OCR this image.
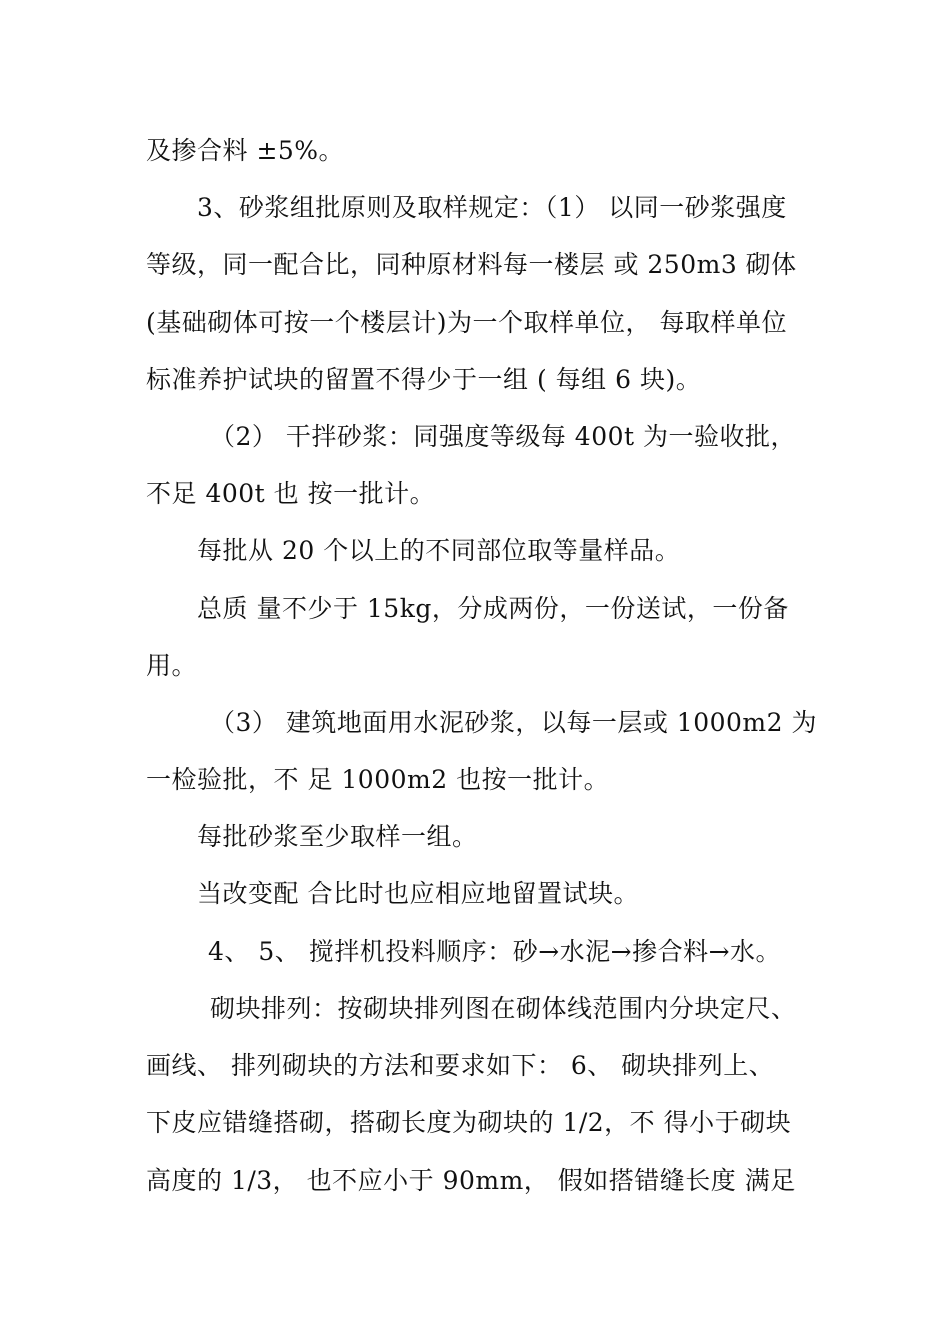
及掺合料 ±5%。
3、砂浆组批原则及取样规定：（1） 以同一砂浆强度
等级，同一配合比，同种原材料每一楼层 或 250m3 砌体
(基础砌体可按一个楼层计)为一个取样单位， 每取样单位
标准养护试块的留置不得少于一组 ( 每组 6 块)。
（2） 干拌砂浆：同强度等级每 400t 为一验收批，
不足 400t 也 按一批计。
每批从 20 个以上的不同部位取等量样品。
总质 量不少于 15kg，分成两份，一份送试，一份备
用。
（3） 建筑地面用水泥砂浆，以每一层或 1000m2 为
一检验批，不 足 1000m2 也按一批计。
每批砂浆至少取样一组。
当改变配 合比时也应相应地留置试块。
4、 5、 搅拌机投料顺序：砂→水泥→掺合料→水。
砌块排列：按砌块排列图在砌体线范围内分块定尺、
画线、 排列砌块的方法和要求如下： 6、 砌块排列上、
下皮应错缝搭砌，搭砌长度为砌块的 1/2，不 得小于砌块
高度的 1/3， 也不应小于 90mm， 假如搭错缝长度 满足
